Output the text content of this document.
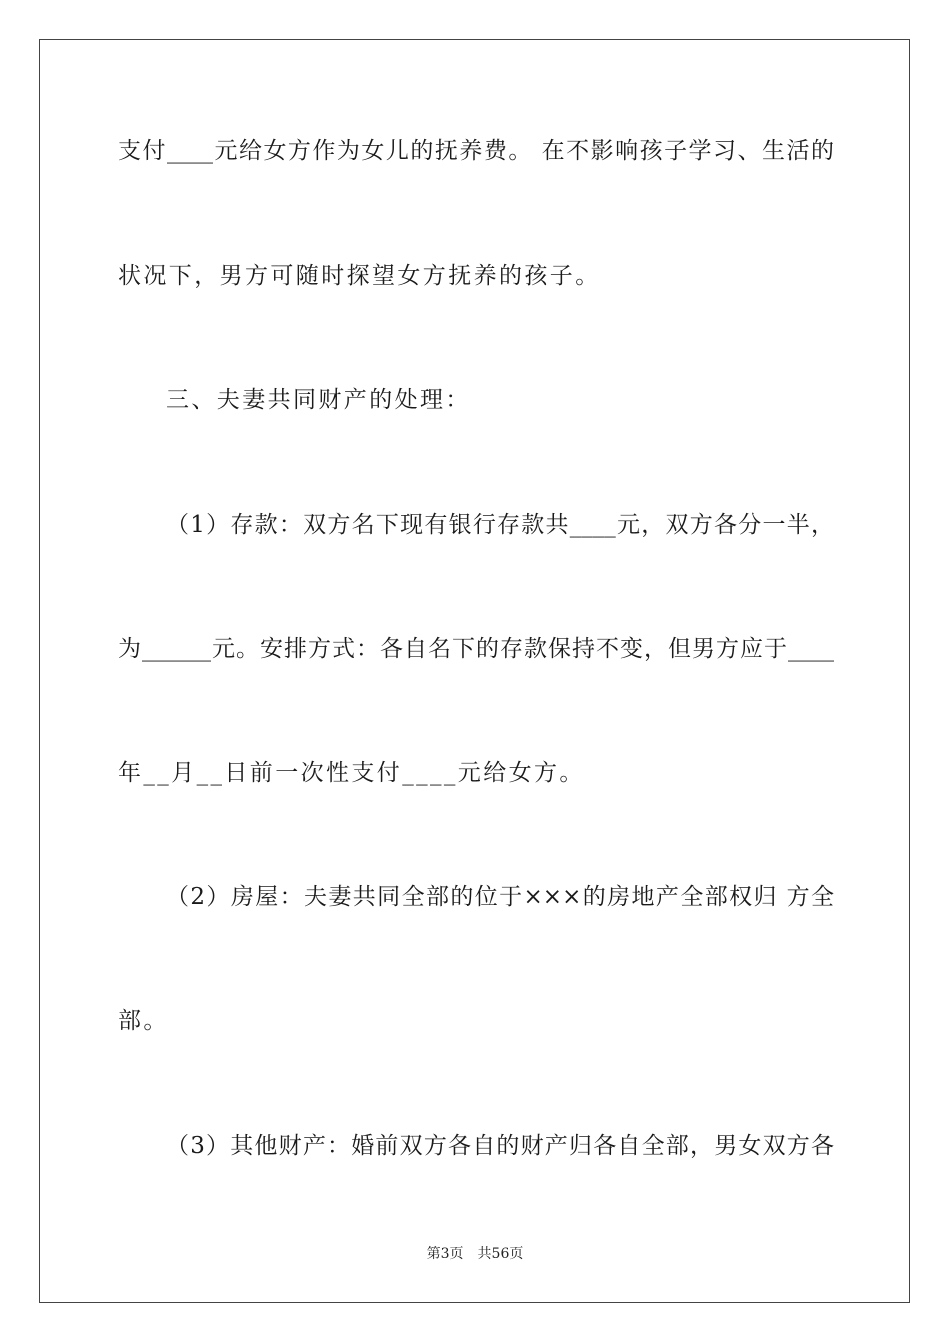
支付____元给女方作为女儿的抚养费。 在不影响孩子学习、生活的
状况下，男方可随时探望女方抚养的孩子。
三、夫妻共同财产的处理：
（1）存款：双方名下现有银行存款共____元，双方各分一半，
为______元。安排方式：各自名下的存款保持不变，但男方应于____
年__月__日前一次性支付____元给女方。
（2）房屋：夫妻共同全部的位于×××的房地产全部权归 方全
部。
（3）其他财产：婚前双方各自的财产归各自全部，男女双方各
第3页 共56页
